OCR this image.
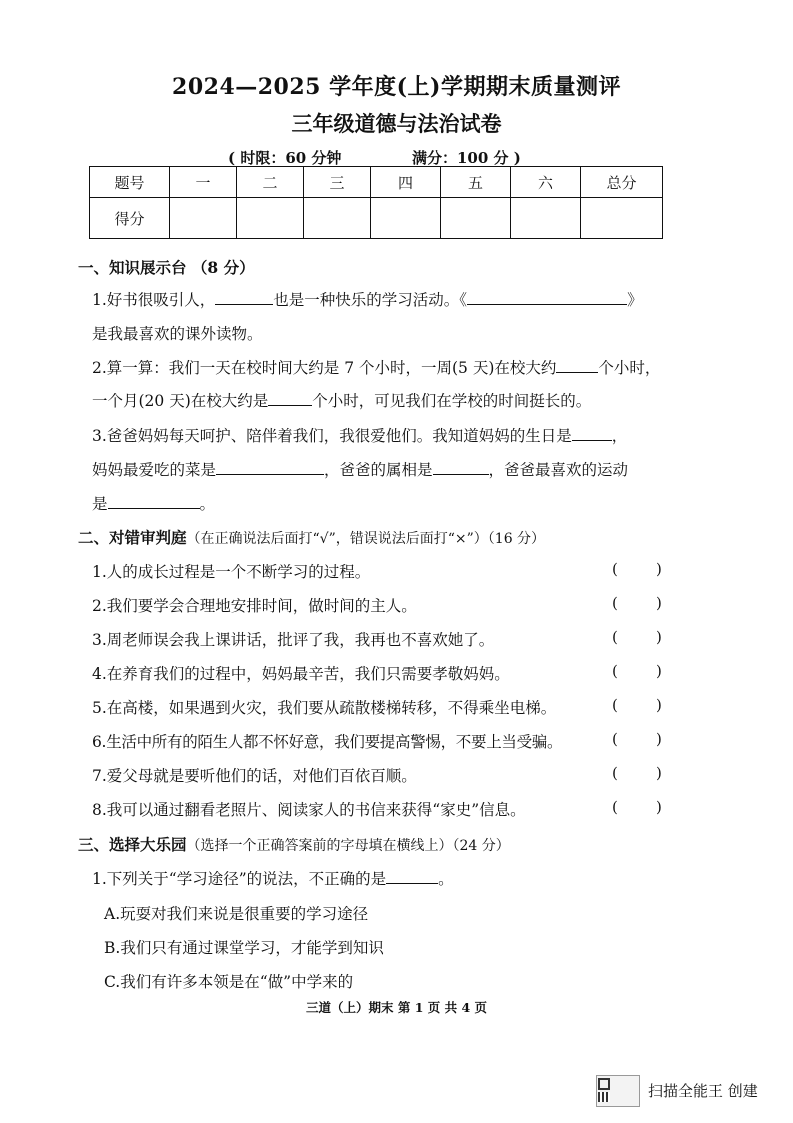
2024—2025 学年度(上)学期期末质量测评
三年级道德与法治试卷
( 时限：60 分钟	满分：100 分 )
题号	一	二	三	四	五	六	总分
得分							
一、知识展示台 （8 分）
1.好书很吸引人，	也是一种快乐的学习活动。《	》
是我最喜欢的课外读物。
2.算一算：我们一天在校时间大约是 7 个小时，一周(5 天)在校大约	个小时，
一个月(20 天)在校大约是	个小时，可见我们在学校的时间挺长的。
3.爸爸妈妈每天呵护、陪伴着我们，我很爱他们。我知道妈妈的生日是	，
妈妈最爱吃的菜是	，爸爸的属相是	，爸爸最喜欢的运动
是	。
二、对错审判庭（在正确说法后面打“√”，错误说法后面打“×”）（16 分）
1.人的成长过程是一个不断学习的过程。	(        )
2.我们要学会合理地安排时间，做时间的主人。	(        )
3.周老师误会我上课讲话，批评了我，我再也不喜欢她了。	(        )
4.在养育我们的过程中，妈妈最辛苦，我们只需要孝敬妈妈。	(        )
5.在高楼，如果遇到火灾，我们要从疏散楼梯转移，不得乘坐电梯。	(        )
6.生活中所有的陌生人都不怀好意，我们要提高警惕，不要上当受骗。	(        )
7.爱父母就是要听他们的话，对他们百依百顺。	(        )
8.我可以通过翻看老照片、阅读家人的书信来获得“家史”信息。	(        )
三、选择大乐园（选择一个正确答案前的字母填在横线上）（24 分）
1.下列关于“学习途径”的说法，不正确的是	。
A.玩耍对我们来说是很重要的学习途径
B.我们只有通过课堂学习，才能学到知识
C.我们有许多本领是在“做”中学来的
三道（上）期末 第 1 页 共 4 页
扫描全能王 创建
